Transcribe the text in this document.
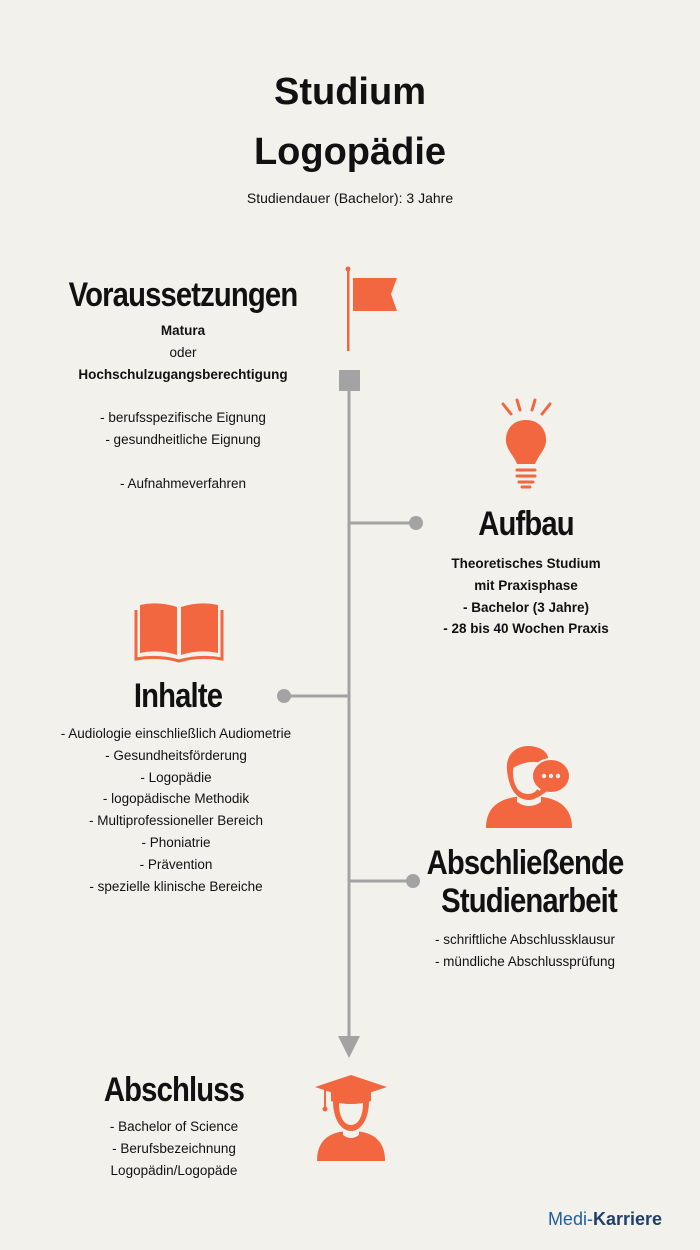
Studium
Logopädie
Studiendauer (Bachelor): 3 Jahre
Voraussetzungen
Matura
oder
Hochschulzugangsberechtigung
- berufsspezifische Eignung
- gesundheitliche Eignung
- Aufnahmeverfahren
Aufbau
Theoretisches Studium
mit Praxisphase
- Bachelor (3 Jahre)
- 28 bis 40 Wochen Praxis
Inhalte
- Audiologie einschließlich Audiometrie
- Gesundheitsförderung
- Logopädie
- logopädische Methodik
- Multiprofessioneller Bereich
- Phoniatrie
- Prävention
- spezielle klinische Bereiche
Abschließende
Studienarbeit
- schriftliche Abschlussklausur
- mündliche Abschlussprüfung
Abschluss
- Bachelor of Science
- Berufsbezeichnung
Logopädin/Logopäde
Medi-Karriere
